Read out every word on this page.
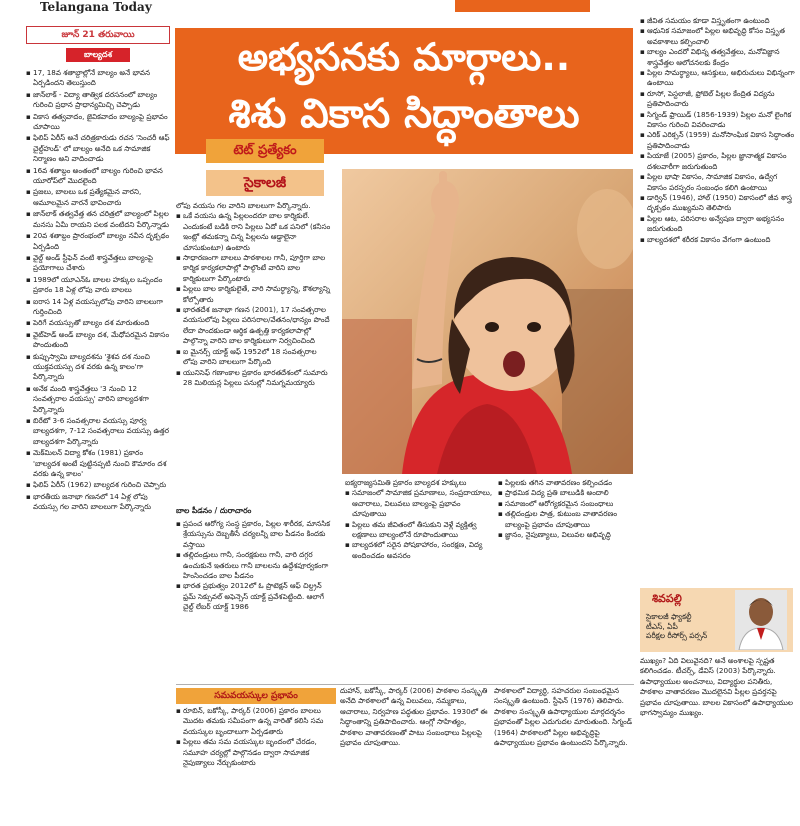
Telangana Today
జూన్ 21 తరువాయి
బాల్యదశ
▪ 17, 18వ శతాబ్దాల్లోనే బాల్యం అనే భావన ఏర్పడిందని తెలుస్తుంది
▪ జాన్‌లాక్ - విద్యా తాత్విక దరసనంలో బాల్యం గురించి ప్రధాన ప్రాధాన్యమిచ్చి చెప్పాడు
▪ వికాస తత్వవాదం, జైవికవాదం బాల్యంపై ప్రభావం చూపాయి
▪ ఫిలిప్ ఏరీస్ అనే చరిత్రకారుడు రచన 'సెంచరీ ఆఫ్ చైల్డ్‌హుడ్' లో బాల్యం అనేది ఒక సామాజిక నిర్మాణం అని వాదించాడు
▪ 16వ శతాబ్దం అంతంలో బాల్యం గురించి భావన యూరోప్‌లో మొదలైంది
▪ ప్రజలు, బాలలు ఒక ప్రత్యేకమైన వారని, ఆమూలమైన వారనే భావించారు
▪ జాన్‌లాక్ తత్వవేత్త తన చరిత్రలో బాల్యంలో పిల్లల మనసు ఏమీ రాయని పలక వంటిదని పేర్కొన్నాడు
▪ 20వ శతాబ్దం ప్రారంభంలో బాల్యం నవీన దృక్పథం ఏర్పడింది
▪ వైల్డ్ అండ్ స్టీఫెన్ వంటి శాస్త్రవేత్తలు బాల్యంపై ప్రయోగాలు చేశారు
▪ 1989లో యూఎన్‌ఓ బాలల హక్కుల ఒప్పందం ప్రకారం 18 ఏళ్ల లోపు వారు బాలలు
▪ ఐరాస 14 ఏళ్ల వయస్సులోపు వారిని బాలలుగా గుర్తించింది
▪ పెరిగే వయస్సుతో బాల్యం దశ మారుతుంది
▪ వైట్‌హెడ్ అండ్ బాల్యం దశ, మేధోపరమైన వికాసం పొందుతుంది
▪ కుప్పుస్వామి బాల్యదశను 'శైశవ దశ నుంచి యుక్తవయస్సు దశ వరకు ఉన్న కాలం'గా పేర్కొన్నారు
▪ అనేక మంది శాస్త్రవేత్తలు '3 నుంచి 12 సంవత్సరాల వయస్సు' వారిని బాల్యదశగా పేర్కొన్నారు
▪ బిరేటో 3-6 సంవత్సరాల వయస్సు పూర్వ బాల్యదశగా, 7-12 సంవత్సరాలు వయస్సు ఉత్తర బాల్యదశగా పేర్కొన్నారు
▪ మెక్‌మిలన్ విద్యా కోశం (1981) ప్రకారం 'బాల్యదశ అంటే పుట్టినప్పటి నుంచి కౌమారం దశ వరకు ఉన్న కాలం'
▪ ఫిలిప్ ఏరీస్ (1962) బాల్యదశ గురించి చెప్పారు
▪ భారతీయ జనాభా గణనలో 14 ఏళ్ల లోపు వయస్సు గల వారిని బాలలుగా పేర్కొన్నారు
అభ్యసనకు మార్గాలు..
శిశు వికాస సిద్ధాంతాలు
టెట్ ప్రత్యేకం
సైకాలజీ

లోపు వయసు గల వారిని బాలలుగా పేర్కొన్నారు.

▪ ఒకే వయసు ఉన్న పిల్లలందరూ బాల కార్మికులే. ఎందుకంటే బడికి రాని పిల్లలు ఏదో ఒక పనిలో (కనీసం ఇంట్లో తమకన్నా చిన్న పిల్లలను ఆడ్డాలైనా చూసుకుంటూ) ఉంటారు
▪ సాధారణంగా బాలలు పాఠశాలల గానీ, పూర్తిగా బాల కార్మిక కార్యకలాపాల్లో పాల్గొంటే వారిని బాల కార్మికులుగా పేర్కొంటారు
▪ పిల్లలు బాల కార్మికులైతే, వారి సామర్థ్యాన్ని, కౌశల్యాన్ని కోల్పోతారు
▪ భారతదేశ జనాభా గణన (2001), 17 సంవత్సరాల వయసులోపు పిల్లలు పరిసరాల/వేతనం/ధాన్యం పొందే లేదా పొందకుండా ఆర్థిక ఉత్పత్తి కార్యకలాపాల్లో పాల్గొన్నా వారిని బాల కార్మికులుగా నిర్వచించింది
▪ ఐ మైనర్స్ యాక్ట్ ఆఫ్ 1952లో 18 సంవత్సరాల లోపు వారిని బాలలుగా పేర్కొంది
▪ యునిసెఫ్ గణాంకాల ప్రకారం భారతదేశంలో సుమారు 28 మిలియన్ల పిల్లలు పనుల్లో నిమగ్నమయ్యారు
బాల పీడనం / దురాచారం
▪ ప్రపంచ ఆరోగ్య సంస్థ ప్రకారం, పిల్లల శారీరక, మానసిక శ్రేయస్సును దెబ్బతీసే చర్యలన్నీ బాల పీడనం కిందకు వస్తాయి
▪ తల్లిదండ్రులు గానీ, సంరక్షకులు గానీ, వారి దగ్గర ఉంచుకునే ఇతరులు గానీ బాలలను ఉద్దేశపూర్వకంగా హింసించడం బాల పీడనం
▪ భారత ప్రభుత్వం 2012లో ఓ ప్రొటెక్షన్ ఆఫ్ చిల్డ్రన్ ఫ్రమ్ సెక్సువల్ అఫెన్సెస్ యాక్ట్ ప్రవేశపెట్టింది. ఆలాగే చైల్డ్ లేబర్ యాక్ట్ 1986

ఐక్యరాజ్యసమితి ప్రకారం బాల్యదశ హక్కులు

▪ సమాజంలో సామాజిక ప్రమాణాలు, సంప్రదాయాలు, ఆచారాలు, విలువలు బాల్యంపై ప్రభావం చూపుతాయి
▪ పిల్లలు తమ జీవితంలో తీసుకుని వెళ్లే వ్యక్తిత్వ లక్షణాలు బాల్యంలోనే రూపొందుతాయి
▪ బాల్యదశలో సరైన పోషకాహారం, సంరక్షణ, విద్య అందించడం అవసరం
▪ పిల్లలకు తగిన వాతావరణం కల్పించడం
▪ ప్రాథమిక విద్య ప్రతి బాలుడికి అందాలి
▪ సమాజంలో ఆరోగ్యకరమైన సంబంధాలు
▪ తల్లిదండ్రుల పాత్ర, కుటుంబ వాతావరణం బాల్యంపై ప్రభావం చూపుతాయి
▪ జ్ఞానం, నైపుణ్యాలు, విలువల అభివృద్ధి
▪ జీవిత సమయం కూడా విస్తృతంగా ఉంటుంది
▪ ఆధునిక సమాజంలో పిల్లల అభివృద్ధి కోసం విస్తృత అవకాశాలు కల్పించాలి
▪ బాల్యం ఎందరో విభిన్న తత్వవేత్తలు, మనోవిజ్ఞాన శాస్త్రవేత్తల ఆలోచనలకు కేంద్రం
▪ పిల్లల సామర్థ్యాలు, ఆసక్తులు, అభిరుచులు విభిన్నంగా ఉంటాయి
▪ రూసో, పెస్టలాజీ, ఫ్రోబెల్ పిల్లల కేంద్రిత విద్యను ప్రతిపాదించారు
▪ సిగ్మండ్ ఫ్రాయిడ్ (1856-1939) పిల్లల మనో లైంగిక వికాసం గురించి వివరించాడు
▪ ఎరిక్ ఎరిక్సన్ (1959) మనోసాంఘిక వికాస సిద్ధాంతం ప్రతిపాదించాడు
▪ పియాజే (2005) ప్రకారం, పిల్లల జ్ఞానాత్మక వికాసం దశలవారీగా జరుగుతుంది
▪ పిల్లల భాషా వికాసం, సామాజిక వికాసం, ఉద్వేగ వికాసం పరస్పరం సంబంధం కలిగి ఉంటాయి
▪ డార్విన్ (1946), హాల్ (1950) వికాసంలో జీవ శాస్త్ర దృక్పథం ముఖ్యమని తెలిపారు
▪ పిల్లల ఆట, పరిసరాల అన్వేషణ ద్వారా అభ్యసనం జరుగుతుంది
▪ బాల్యదశలో శరీరక వికాసం వేగంగా ఉంటుంది
శివపల్లి
సైకాలజీ ఫ్యాకల్టీ
టీఎస్, ఏపీ
పరీక్షల రీసోర్స్ పర్సన్
సమవయస్కుల ప్రభావం
▪ రూబిన్, బకోస్కీ, పార్కర్ (2006) ప్రకారం బాలలు మొదట తమకు సమీపంగా ఉన్న వారితో కలిసి సమ వయస్కుల బృందాలుగా ఏర్పడతారు
▪ పిల్లలు తమ సమ వయస్కుల బృందంలో చేరడం, సమూహ చర్యల్లో పాల్గొనడం ద్వారా సామాజిక నైపుణ్యాలు నేర్చుకుంటారు

దుహాన్, బకోస్కీ, పార్కర్ (2006) పాఠశాల సంస్కృతి అనేది పాఠశాలలో ఉన్న విలువలు, నమ్మకాలు, ఆచారాలు, నిర్వహణ పద్ధతుల ప్రభావం. 1930లో ఈ సిద్ధాంతాన్ని ప్రతిపాదించారు. ఆంగ్లో సాహిత్యం, పాఠశాల వాతావరణంతో పాటు సంబంధాలు పిల్లలపై ప్రభావం చూపుతాయి.

పాఠశాలలో విద్యార్థి, సహచరుల సంబంధమైన సంస్కృతి ఉంటుంది. స్టీఫెన్ (1976) తెలిపారు. పాఠశాల సంస్కృతి ఉపాధ్యాయుల మార్గదర్శనం ప్రభావంతో పిల్లల ఎదుగుదల మారుతుంది. సిగ్మండ్ (1964) పాఠశాలలో పిల్లల అభివృద్ధిపై ఉపాధ్యాయుల ప్రభావం ఉంటుందని పేర్కొన్నారు.

ముఖ్యం? ఏది విలువైనది? అనే అంశాలపై స్పష్టత కలిగించడం. టీచర్స్, డేవిస్ (2003) పేర్కొన్నారు. ఉపాధ్యాయుల అంచనాలు, విద్యార్థుల పనితీరు, పాఠశాల వాతావరణం మొదలైనవి పిల్లల ప్రవర్తనపై ప్రభావం చూపుతాయి. బాలల వికాసంలో ఉపాధ్యాయుల భాగస్వామ్యం ముఖ్యం.
